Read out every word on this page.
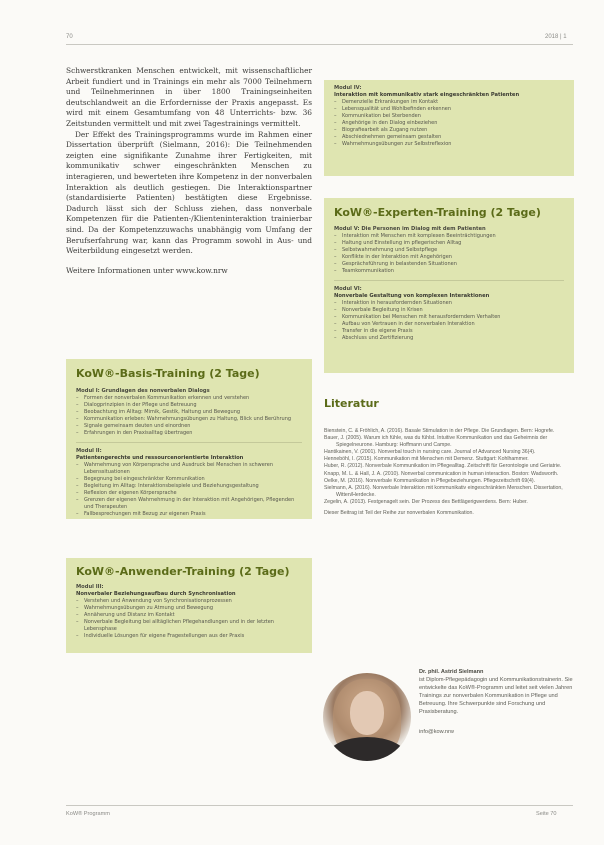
70	2018 | 1

Schwerstkranken Menschen entwickelt, mit wissenschaftlicher Arbeit fundiert und in Trainings ein mehr als 7000 Teilnehmern und Teilnehmerinnen in über 1800 Trainingseinheiten deutschlandweit an die Erfordernisse der Praxis angepasst. Es wird mit einem Gesamtumfang von 48 Unterrichts- bzw. 36 Zeitstunden vermittelt und mit zwei Tagestrainings vermittelt.

Der Effekt des Trainingsprogramms wurde im Rahmen einer Dissertation überprüft (Sielmann, 2016): Die Teilnehmenden zeigten eine signifikante Zunahme ihrer Fertigkeiten, mit kommunikativ schwer eingeschränkten Menschen zu interagieren, und bewerteten ihre Kompetenz in der nonverbalen Interaktion als deutlich gestiegen. Die Interaktionspartner (standardisierte Patienten) bestätigten diese Ergebnisse. Dadurch lässt sich der Schluss ziehen, dass nonverbale Kompetenzen für die Patienten-/Klienteninteraktion trainierbar sind. Da der Kompetenzzuwachs unabhängig vom Umfang der Berufserfahrung war, kann das Programm sowohl in Aus- und Weiterbildung eingesetzt werden.

Weitere Informationen unter www.kow.nrw

KoW®-Basis-Training (2 Tage)
Modul I: Grundlagen des nonverbalen Dialogs
– Formen der nonverbalen Kommunikation erkennen und verstehen
– Dialogprinzipien in der Pflege und Betreuung
– Beobachtung im Alltag: Mimik, Gestik, Haltung und Bewegung
– Kommunikation erleben: Wahrnehmungsübungen zu Haltung, Blick und Berührung
– Signale gemeinsam deuten und einordnen
– Erfahrungen in den Praxisalltag übertragen
Modul II:
Patientengerechte und ressourcenorientierte Interaktion
– Wahrnehmung von Körpersprache und Ausdruck bei Menschen in schweren Lebenssituationen
– Begegnung bei eingeschränkter Kommunikation
– Begleitung im Alltag: Interaktionsbeispiele und Beziehungsgestaltung
– Reflexion der eigenen Körpersprache
– Grenzen der eigenen Wahrnehmung in der Interaktion mit Angehörigen, Pflegenden und Therapeuten
– Fallbesprechungen mit Bezug zur eigenen Praxis
KoW®-Anwender-Training (2 Tage)
Modul III:
Nonverbaler Beziehungsaufbau durch Synchronisation
– Verstehen und Anwendung von Synchronisationsprozessen
– Wahrnehmungsübungen zu Atmung und Bewegung
– Annäherung und Distanz im Kontakt
– Nonverbale Begleitung bei alltäglichen Pflegehandlungen und in der letzten Lebensphase
– Individuelle Lösungen für eigene Fragestellungen aus der Praxis
Modul IV:
Interaktion mit kommunikativ stark eingeschränkten Patienten
– Demenzielle Erkrankungen im Kontakt
– Lebensqualität und Wohlbefinden erkennen
– Kommunikation bei Sterbenden
– Angehörige in den Dialog einbeziehen
– Biografiearbeit als Zugang nutzen
– Abschiednehmen gemeinsam gestalten
– Wahrnehmungsübungen zur Selbstreflexion
KoW®-Experten-Training (2 Tage)
Modul V: Die Personen im Dialog mit dem Patienten
– Interaktion mit Menschen mit komplexen Beeinträchtigungen
– Haltung und Einstellung im pflegerischen Alltag
– Selbstwahrnehmung und Selbstpflege
– Konflikte in der Interaktion mit Angehörigen
– Gesprächsführung in belastenden Situationen
– Teamkommunikation
Modul VI:
Nonverbale Gestaltung von komplexen Interaktionen
– Interaktion in herausfordernden Situationen
– Nonverbale Begleitung in Krisen
– Kommunikation bei Menschen mit herausforderndem Verhalten
– Aufbau von Vertrauen in der nonverbalen Interaktion
– Transfer in die eigene Praxis
– Abschluss und Zertifizierung
Literatur

Bienstein, C. & Fröhlich, A. (2016). Basale Stimulation in der Pflege. Die Grundlagen. Bern: Hogrefe.

Bauer, J. (2005). Warum ich fühle, was du fühlst. Intuitive Kommunikation und das Geheimnis der Spiegelneurone. Hamburg: Hoffmann und Campe.

Hantikainen, V. (2001). Nonverbal touch in nursing care. Journal of Advanced Nursing 36(4).

Henneböhl, I. (2015). Kommunikation mit Menschen mit Demenz. Stuttgart: Kohlhammer.

Huber, R. (2012). Nonverbale Kommunikation im Pflegealltag. Zeitschrift für Gerontologie und Geriatrie.

Knapp, M. L. & Hall, J. A. (2010). Nonverbal communication in human interaction. Boston: Wadsworth.

Oelke, M. (2016). Nonverbale Kommunikation in Pflegebeziehungen. Pflegezeitschrift 69(4).

Sielmann, A. (2016). Nonverbale Interaktion mit kommunikativ eingeschränkten Menschen. Dissertation, Witten/Herdecke.

Zegelin, A. (2013). Festgenagelt sein. Der Prozess des Bettlägerigwerdens. Bern: Huber.

Dieser Beitrag ist Teil der Reihe zur nonverbalen Kommunikation.

Dr. phil. Astrid Sielmann
ist Diplom-Pflegepädagogin und Kommunikationstrainerin. Sie entwickelte das KoW®-Programm und leitet seit vielen Jahren Trainings zur nonverbalen Kommunikation in Pflege und Betreuung. Ihre Schwerpunkte sind Forschung und Praxisberatung.
info@kow.nrw
KoW® Programm	Seite 70
